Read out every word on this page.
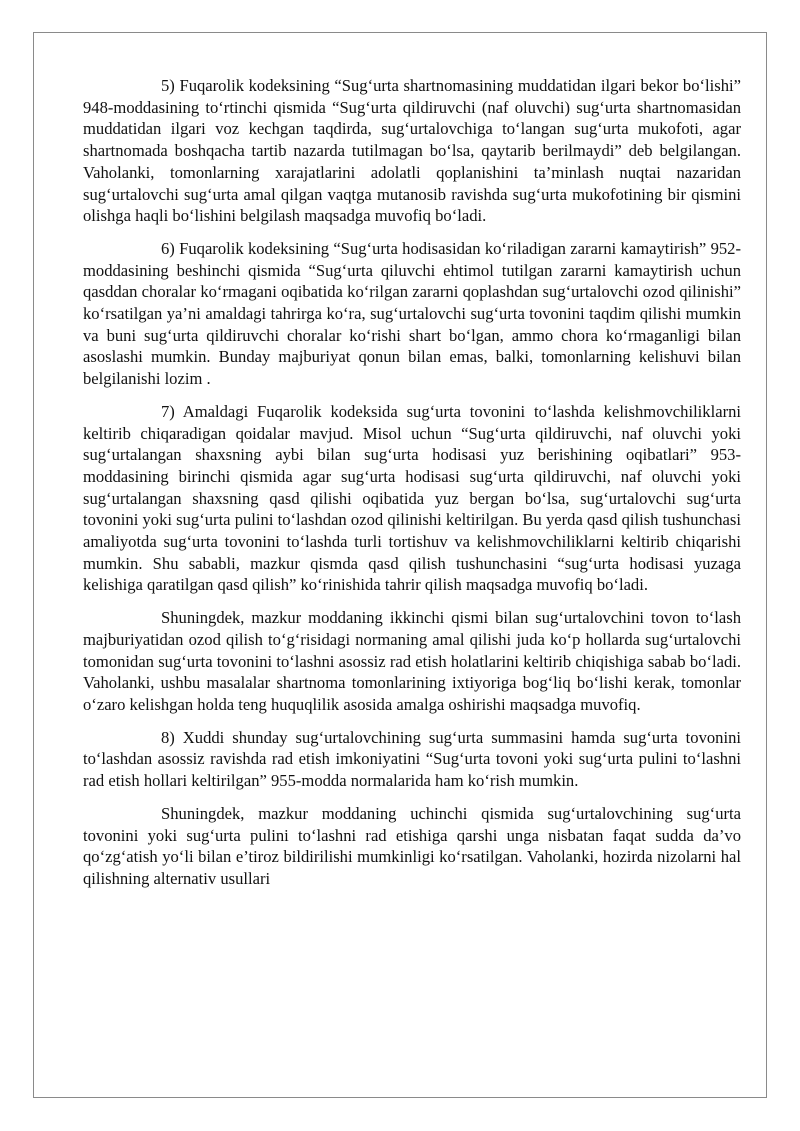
5) Fuqarolik kodeksining “Sug‘urta shartnomasining muddatidan ilgari bekor bo‘lishi” 948-moddasining to‘rtinchi qismida “Sug‘urta qildiruvchi (naf oluvchi) sug‘urta shartnomasidan muddatidan ilgari voz kechgan taqdirda, sug‘urtalovchiga to‘langan sug‘urta mukofoti, agar shartnomada boshqacha tartib nazarda tutilmagan bo‘lsa, qaytarib berilmaydi” deb belgilangan. Vaholanki, tomonlarning xarajatlarini adolatli qoplanishini ta’minlash nuqtai nazaridan sug‘urtalovchi sug‘urta amal qilgan vaqtga mutanosib ravishda sug‘urta mukofotining bir qismini olishga haqli bo‘lishini belgilash maqsadga muvofiq bo‘ladi.

6) Fuqarolik kodeksining “Sug‘urta hodisasidan ko‘riladigan zararni kamaytirish” 952-moddasining beshinchi qismida “Sug‘urta qiluvchi ehtimol tutilgan zararni kamaytirish uchun qasddan choralar ko‘rmagani oqibatida ko‘rilgan zararni qoplashdan sug‘urtalovchi ozod qilinishi” ko‘rsatilgan ya’ni amaldagi tahrirga ko‘ra, sug‘urtalovchi sug‘urta tovonini taqdim qilishi mumkin va buni sug‘urta qildiruvchi choralar ko‘rishi shart bo‘lgan, ammo chora ko‘rmaganligi bilan asoslashi mumkin. Bunday majburiyat qonun bilan emas, balki, tomonlarning kelishuvi bilan belgilanishi lozim .

7) Amaldagi Fuqarolik kodeksida sug‘urta tovonini to‘lashda kelishmovchiliklarni keltirib chiqaradigan qoidalar mavjud. Misol uchun “Sug‘urta qildiruvchi, naf oluvchi yoki sug‘urtalangan shaxsning aybi bilan sug‘urta hodisasi yuz berishining oqibatlari” 953-moddasining birinchi qismida agar sug‘urta hodisasi sug‘urta qildiruvchi, naf oluvchi yoki sug‘urtalangan shaxsning qasd qilishi oqibatida yuz bergan bo‘lsa, sug‘urtalovchi sug‘urta tovonini yoki sug‘urta pulini to‘lashdan ozod qilinishi keltirilgan. Bu yerda qasd qilish tushunchasi amaliyotda sug‘urta tovonini to‘lashda turli tortishuv va kelishmovchiliklarni keltirib chiqarishi mumkin. Shu sababli, mazkur qismda qasd qilish tushunchasini “sug‘urta hodisasi yuzaga kelishiga qaratilgan qasd qilish” ko‘rinishida tahrir qilish maqsadga muvofiq bo‘ladi.

Shuningdek, mazkur moddaning ikkinchi qismi bilan sug‘urtalovchini tovon to‘lash majburiyatidan ozod qilish to‘g‘risidagi normaning amal qilishi juda ko‘p hollarda sug‘urtalovchi tomonidan sug‘urta tovonini to‘lashni asossiz rad etish holatlarini keltirib chiqishiga sabab bo‘ladi. Vaholanki, ushbu masalalar shartnoma tomonlarining ixtiyoriga bog‘liq bo‘lishi kerak, tomonlar o‘zaro kelishgan holda teng huquqlilik asosida amalga oshirishi maqsadga muvofiq.

8) Xuddi shunday sug‘urtalovchining sug‘urta summasini hamda sug‘urta tovonini to‘lashdan asossiz ravishda rad etish imkoniyatini “Sug‘urta tovoni yoki sug‘urta pulini to‘lashni rad etish hollari keltirilgan” 955-modda normalarida ham ko‘rish mumkin.

Shuningdek, mazkur moddaning uchinchi qismida sug‘urtalovchining sug‘urta tovonini yoki sug‘urta pulini to‘lashni rad etishiga qarshi unga nisbatan faqat sudda da’vo qo‘zg‘atish yo‘li bilan e’tiroz bildirilishi mumkinligi ko‘rsatilgan. Vaholanki, hozirda nizolarni hal qilishning alternativ usullari
